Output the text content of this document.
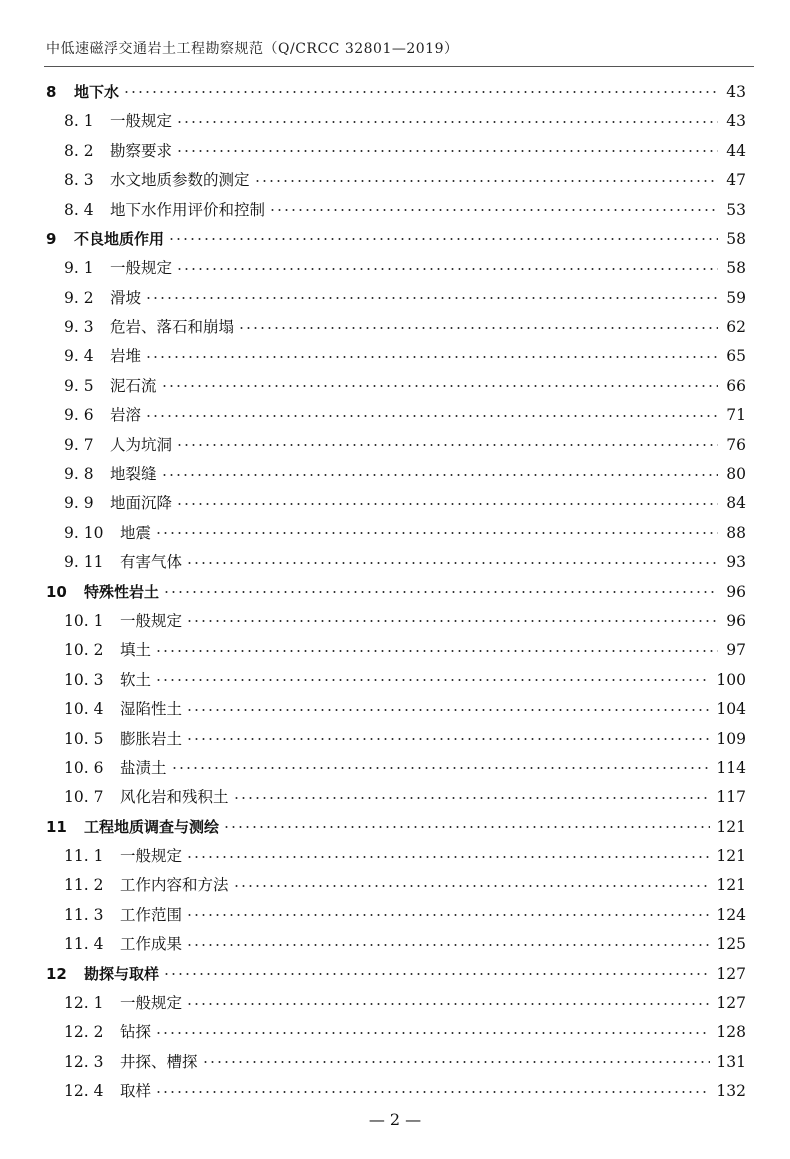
中低速磁浮交通岩土工程勘察规范（Q/CRCC 32801—2019）
8 地下水	43
8. 1 一般规定	43
8. 2 勘察要求	44
8. 3 水文地质参数的测定	47
8. 4 地下水作用评价和控制	53
9 不良地质作用	58
9. 1 一般规定	58
9. 2 滑坡	59
9. 3 危岩、落石和崩塌	62
9. 4 岩堆	65
9. 5 泥石流	66
9. 6 岩溶	71
9. 7 人为坑洞	76
9. 8 地裂缝	80
9. 9 地面沉降	84
9. 10 地震	88
9. 11 有害气体	93
10 特殊性岩土	96
10. 1 一般规定	96
10. 2 填土	97
10. 3 软土	100
10. 4 湿陷性土	104
10. 5 膨胀岩土	109
10. 6 盐渍土	114
10. 7 风化岩和残积土	117
11 工程地质调查与测绘	121
11. 1 一般规定	121
11. 2 工作内容和方法	121
11. 3 工作范围	124
11. 4 工作成果	125
12 勘探与取样	127
12. 1 一般规定	127
12. 2 钻探	128
12. 3 井探、槽探	131
12. 4 取样	132
— 2 —
